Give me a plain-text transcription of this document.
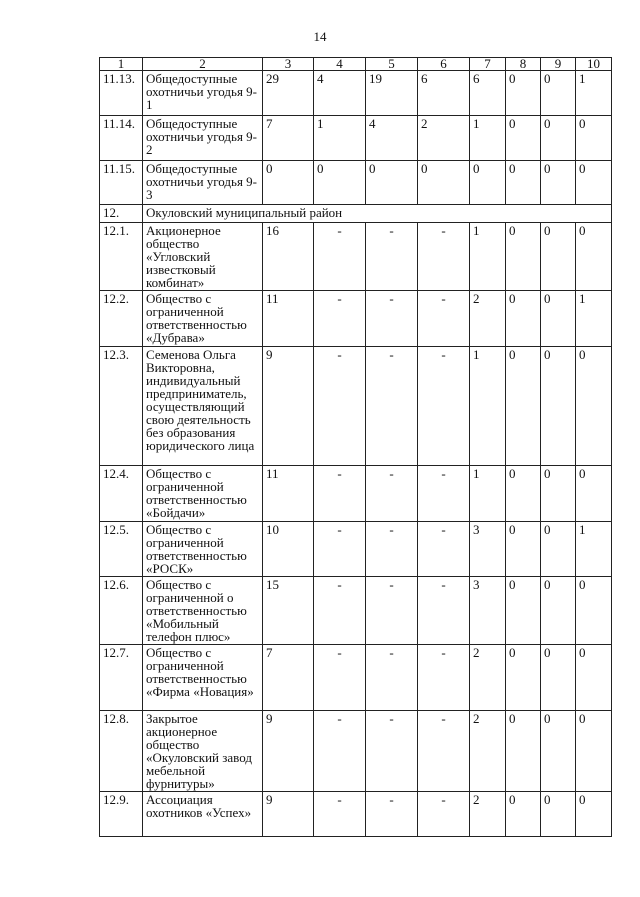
14
1	2	3	4	5	6	7	8	9	10
11.13.	Общедоступные охотничьи угодья 9-1	29	4	19	6	6	0	0	1
11.14.	Общедоступные охотничьи угодья 9-2	7	1	4	2	1	0	0	0
11.15.	Общедоступные охотничьи угодья 9-3	0	0	0	0	0	0	0	0
12.	Окуловский муниципальный район								
12.1.	Акционерное общество «Угловский известковый комбинат»	16	-	-	-	1	0	0	0
12.2.	Общество с ограниченной ответственностью «Дубрава»	11	-	-	-	2	0	0	1
12.3.	Семенова Ольга Викторовна, индивидуальный предприниматель, осуществляющий свою деятельность без образования юридического лица	9	-	-	-	1	0	0	0
12.4.	Общество с ограниченной ответственностью «Бойдачи»	11	-	-	-	1	0	0	0
12.5.	Общество с ограниченной ответственностью «РОСК»	10	-	-	-	3	0	0	1
12.6.	Общество с ограниченной о ответственностью «Мобильный телефон плюс»	15	-	-	-	3	0	0	0
12.7.	Общество с ограниченной ответственностью «Фирма «Новация»	7	-	-	-	2	0	0	0
12.8.	Закрытое акционерное общество «Окуловский завод мебельной фурнитуры»	9	-	-	-	2	0	0	0
12.9.	Ассоциация охотников «Успех»	9	-	-	-	2	0	0	0
